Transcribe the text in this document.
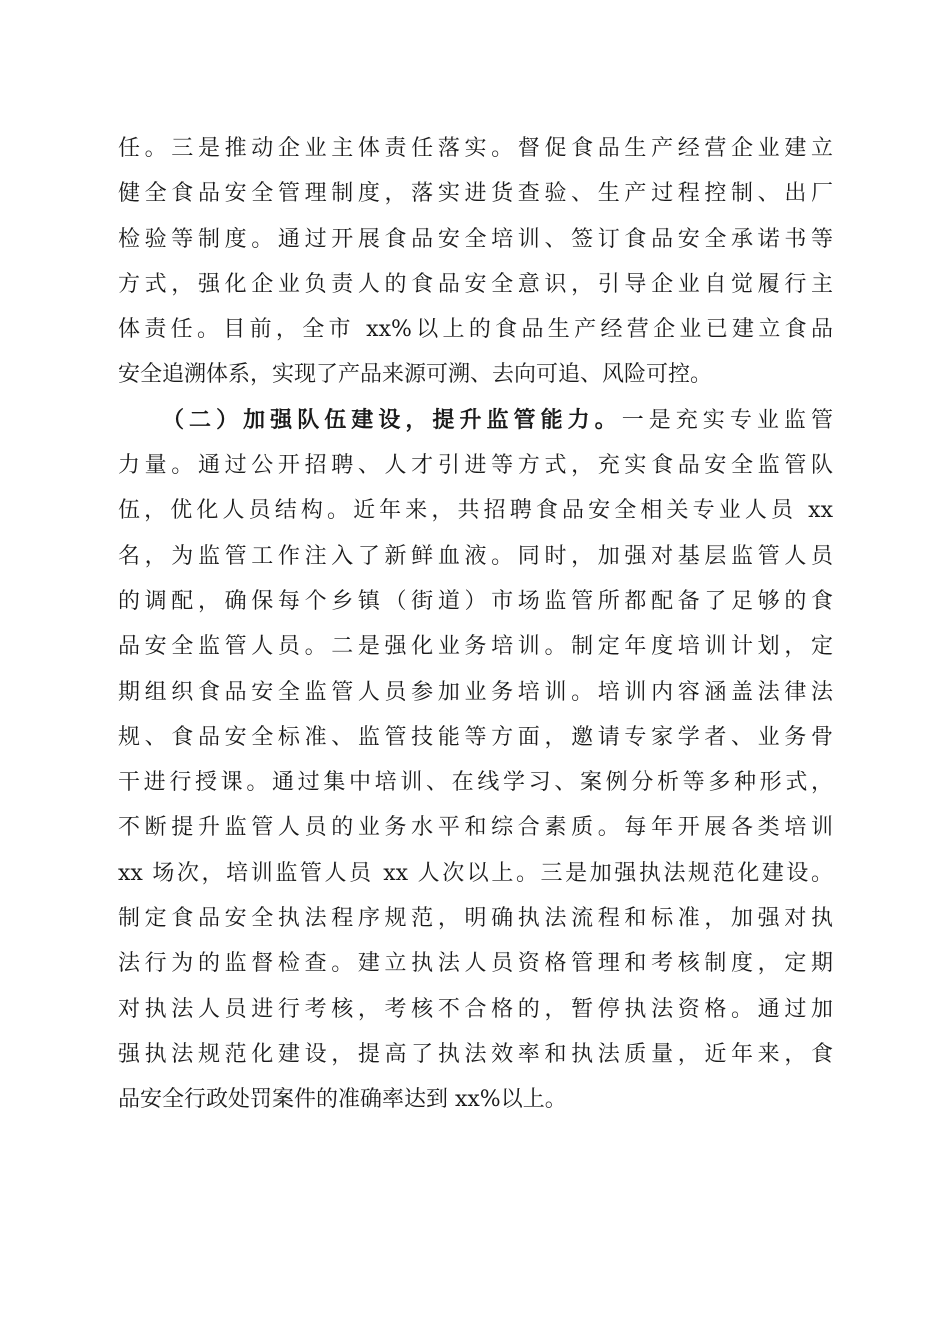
任。三是推动企业主体责任落实。督促食品生产经营企业建立
健全食品安全管理制度，落实进货查验、生产过程控制、出厂
检验等制度。通过开展食品安全培训、签订食品安全承诺书等
方式，强化企业负责人的食品安全意识，引导企业自觉履行主
体责任。目前，全市 xx%以上的食品生产经营企业已建立食品
安全追溯体系，实现了产品来源可溯、去向可追、风险可控。
（二）加强队伍建设，提升监管能力。一是充实专业监管
力量。通过公开招聘、人才引进等方式，充实食品安全监管队
伍，优化人员结构。近年来，共招聘食品安全相关专业人员 xx
名，为监管工作注入了新鲜血液。同时，加强对基层监管人员
的调配，确保每个乡镇（街道）市场监管所都配备了足够的食
品安全监管人员。二是强化业务培训。制定年度培训计划，定
期组织食品安全监管人员参加业务培训。培训内容涵盖法律法
规、食品安全标准、监管技能等方面，邀请专家学者、业务骨
干进行授课。通过集中培训、在线学习、案例分析等多种形式，
不断提升监管人员的业务水平和综合素质。每年开展各类培训
xx 场次，培训监管人员 xx 人次以上。三是加强执法规范化建设。
制定食品安全执法程序规范，明确执法流程和标准，加强对执
法行为的监督检查。建立执法人员资格管理和考核制度，定期
对执法人员进行考核，考核不合格的，暂停执法资格。通过加
强执法规范化建设，提高了执法效率和执法质量，近年来，食
品安全行政处罚案件的准确率达到 xx%以上。
